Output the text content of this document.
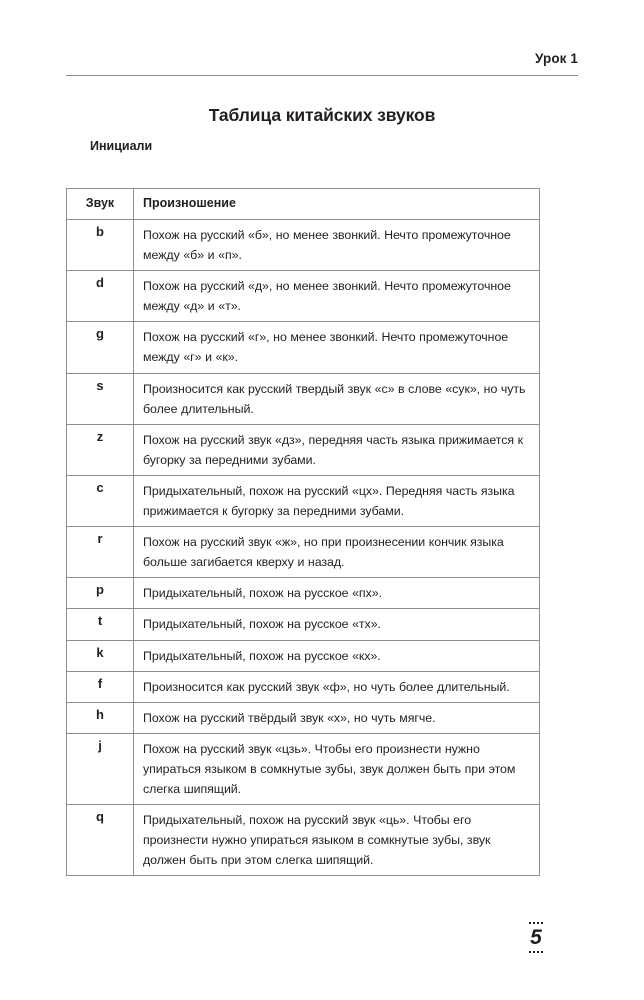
Урок 1
Таблица китайских звуков
Инициали
Звук	Произношение
b	Похож на русский «б», но менее звонкий. Нечто промежуточное между «б» и «п».
d	Похож на русский «д», но менее звонкий. Нечто промежуточное между «д» и «т».
g	Похож на русский «г», но менее звонкий. Нечто промежуточное между «г» и «к».
s	Произносится как русский твердый звук «с» в слове «сук», но чуть более длительный.
z	Похож на русский звук «дз», передняя часть языка прижимается к бугорку за передними зубами.
c	Придыхательный, похож на русский «цх». Передняя часть языка прижимается к бугорку за передними зубами.
r	Похож на русский звук «ж», но при произнесении кончик языка больше загибается кверху и назад.
p	Придыхательный, похож на русское «пх».
t	Придыхательный, похож на русское «тх».
k	Придыхательный, похож на русское «кх».
f	Произносится как русский звук «ф», но чуть более длительный.
h	Похож на русский твёрдый звук «х», но чуть мягче.
j	Похож на русский звук «цзь». Чтобы его произнести нужно упираться языком в сомкнутые зубы, звук должен быть при этом слегка шипящий.
q	Придыхательный, похож на русский звук «ць». Чтобы его произнести нужно упираться языком в сомкнутые зубы, звук должен быть при этом слегка шипящий.
5
